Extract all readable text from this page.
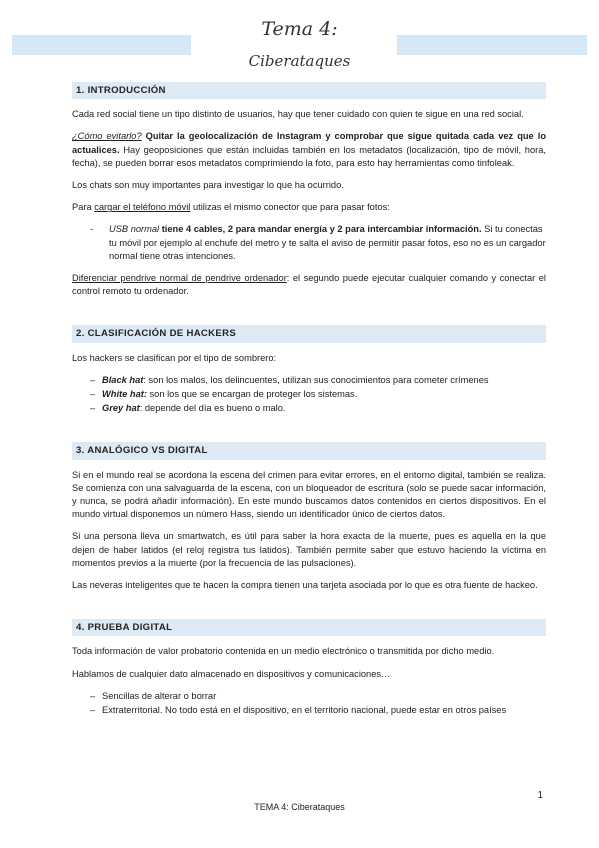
Tema 4:
Ciberataques
1. INTRODUCCIÓN

Cada red social tiene un tipo distinto de usuarios, hay que tener cuidado con quien te sigue en una red social.

¿Cómo evitarlo? Quitar la geolocalización de Instagram y comprobar que sigue quitada cada vez que lo actualices. Hay geoposiciones que están incluidas también en los metadatos (localización, tipo de móvil, hora, fecha), se pueden borrar esos metadatos comprimiendo la foto, para esto hay herramientas como tinfoleak.

Los chats son muy importantes para investigar lo que ha ocurrido.

Para cargar el teléfono móvil utilizas el mismo conector que para pasar fotos:

- USB normal tiene 4 cables, 2 para mandar energía y 2 para intercambiar información. Si tu conectas tu móvil por ejemplo al enchufe del metro y te salta el aviso de permitir pasar fotos, eso no es un cargador normal tiene otras intenciones.

Diferenciar pendrive normal de pendrive ordenador: el segundo puede ejecutar cualquier comando y conectar el control remoto tu ordenador.

2. CLASIFICACIÓN DE HACKERS

Los hackers se clasifican por el tipo de sombrero:

– Black hat: son los malos, los delincuentes, utilizan sus conocimientos para cometer crímenes
– White hat: son los que se encargan de proteger los sistemas.
– Grey hat: depende del día es bueno o malo.
3. ANALÓGICO VS DIGITAL

Si en el mundo real se acordona la escena del crimen para evitar errores, en el entorno digital, también se realiza. Se comienza con una salvaguarda de la escena, con un bloqueador de escritura (solo se puede sacar información, y nunca, se podrá añadir información). En este mundo buscamos datos contenidos en ciertos dispositivos. En el mundo virtual disponemos un número Hass, siendo un identificador único de ciertos datos.

Si una persona lleva un smartwatch, es útil para saber la hora exacta de la muerte, pues es aquella en la que dejen de haber latidos (el reloj registra tus latidos). También permite saber que estuvo haciendo la víctima en momentos previos a la muerte (por la frecuencia de las pulsaciones).

Las neveras inteligentes que te hacen la compra tienen una tarjeta asociada por lo que es otra fuente de hackeo.

4. PRUEBA DIGITAL

Toda información de valor probatorio contenida en un medio electrónico o transmitida por dicho medio.

Hablamos de cualquier dato almacenado en dispositivos y comunicaciones…

– Sencillas de alterar o borrar
– Extraterritorial. No todo está en el dispositivo, en el territorio nacional, puede estar en otros países
1
TEMA 4: Ciberataques
